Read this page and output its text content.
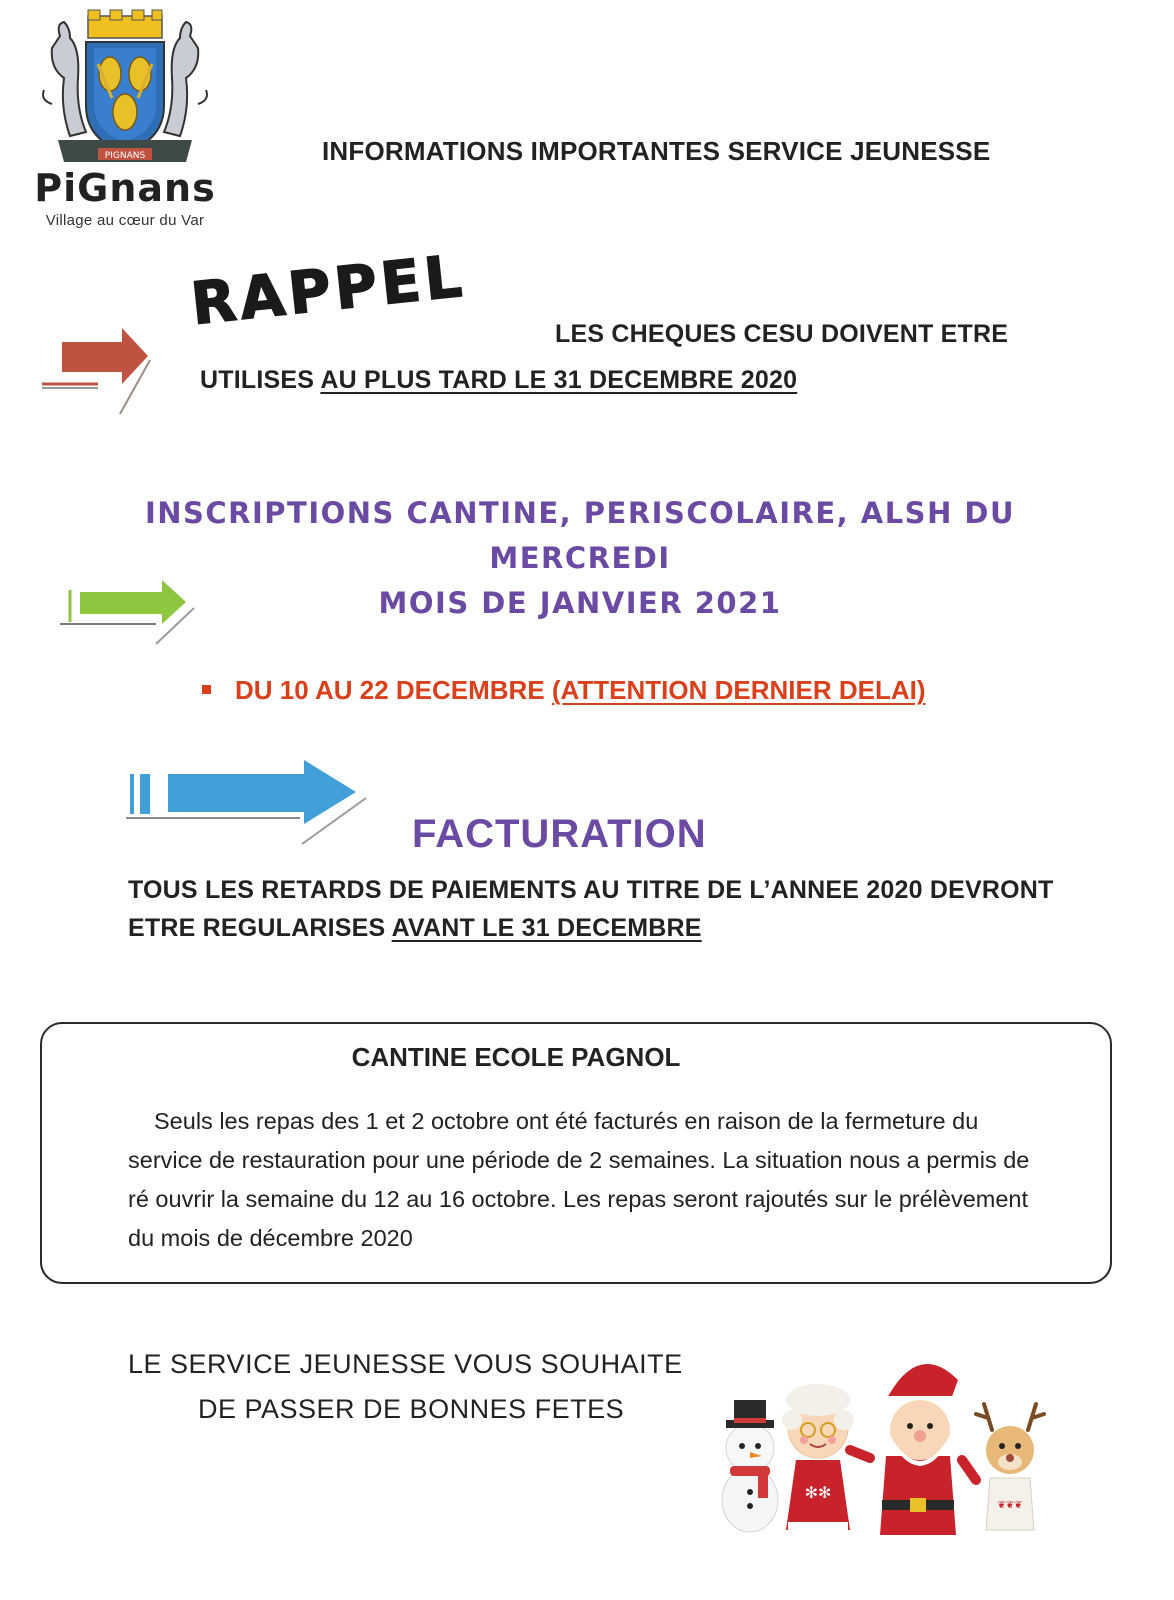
PIGNANS
PiGnans
Village au cœur du Var
INFORMATIONS IMPORTANTES SERVICE JEUNESSE
RAPPEL	LES CHEQUES CESU DOIVENT ETRE
UTILISES AU PLUS TARD LE 31 DECEMBRE 2020
INSCRIPTIONS CANTINE, PERISCOLAIRE, ALSH DU
MERCREDI
MOIS DE JANVIER 2021
DU 10 AU 22 DECEMBRE (ATTENTION DERNIER DELAI)
FACTURATION
TOUS LES RETARDS DE PAIEMENTS AU TITRE DE L’ANNEE 2020 DEVRONT
ETRE REGULARISES AVANT LE 31 DECEMBRE
CANTINE ECOLE PAGNOL
Seuls les repas des 1 et 2 octobre ont été facturés en raison de la fermeture du service de restauration pour une période de 2 semaines. La situation nous a permis de ré ouvrir la semaine du 12 au 16 octobre. Les repas seront rajoutés sur le prélèvement du mois de décembre 2020
LE SERVICE JEUNESSE VOUS SOUHAITE
DE PASSER DE BONNES FETES
✻✻
❦❦❦
